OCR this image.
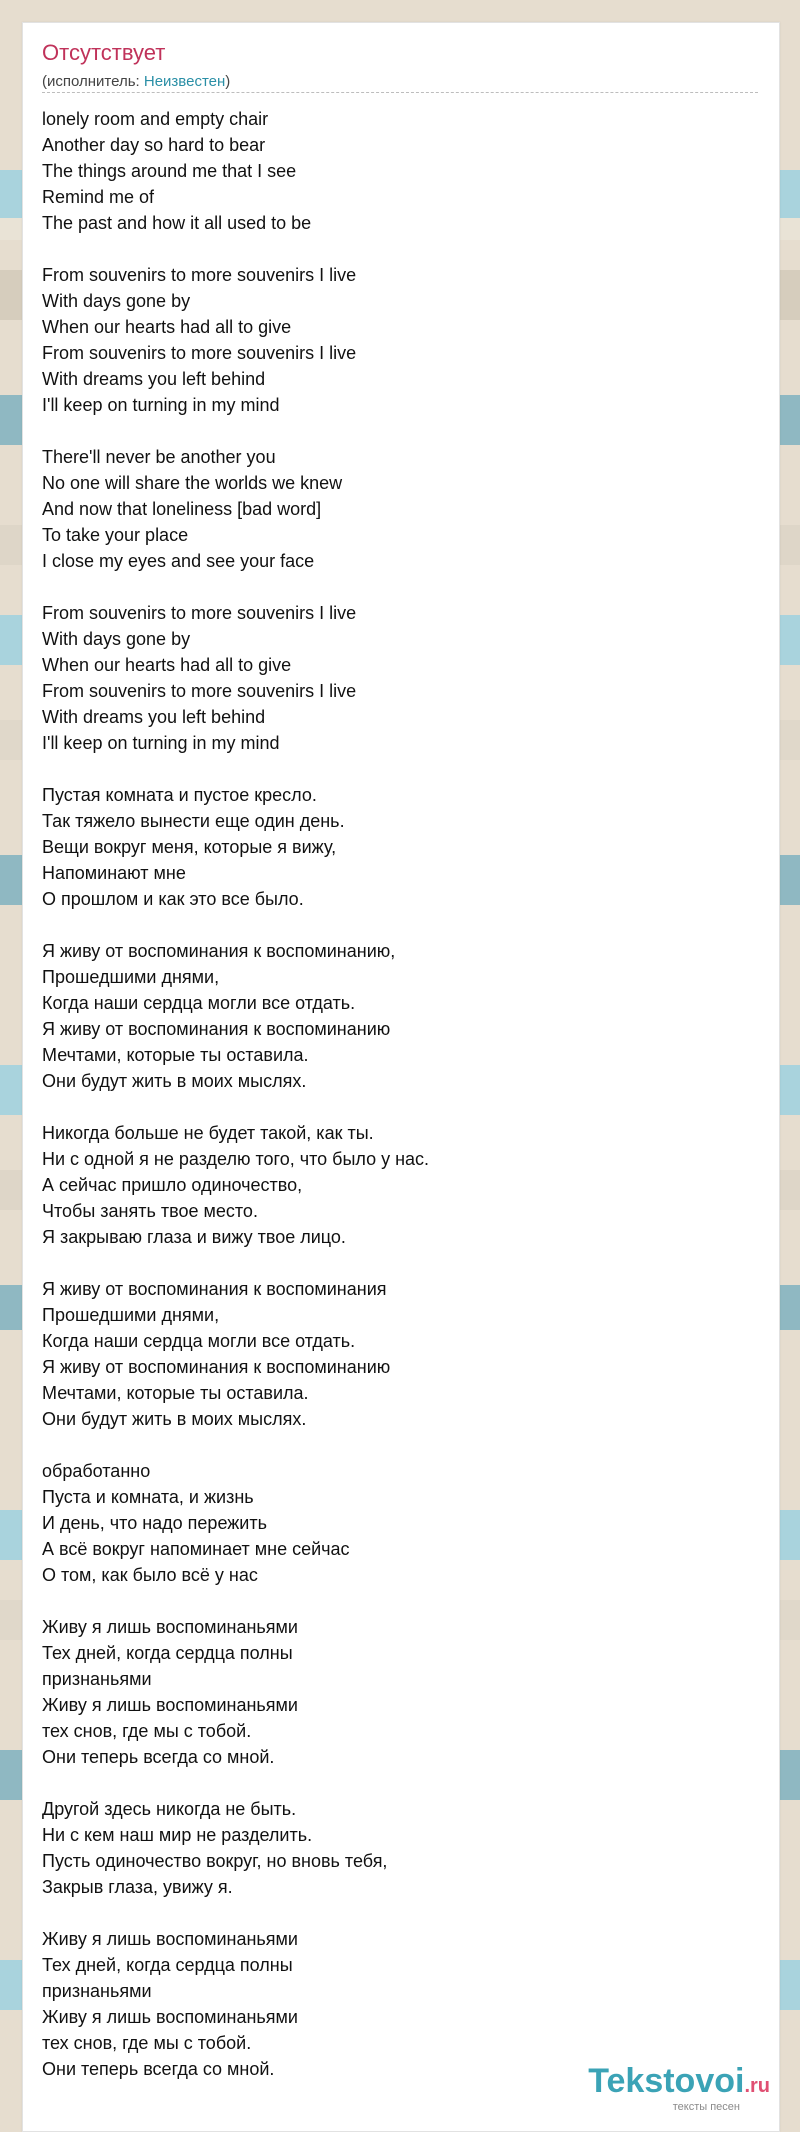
Отсутствует
(исполнитель: Неизвестен)
lonely room and empty chair
Another day so hard to bear
The things around me that I see
Remind me of
The past and how it all used to be
From souvenirs to more souvenirs I live
With days gone by
When our hearts had all to give
From souvenirs to more souvenirs I live
With dreams you left behind
I'll keep on turning in my mind
There'll never be another you
No one will share the worlds we knew
And now that loneliness [bad word]
To take your place
I close my eyes and see your face
From souvenirs to more souvenirs I live
With days gone by
When our hearts had all to give
From souvenirs to more souvenirs I live
With dreams you left behind
I'll keep on turning in my mind
Пустая комната и пустое кресло.
Так тяжело вынести еще один день.
Вещи вокруг меня, которые я вижу,
Напоминают мне
О прошлом и как это все было.
Я живу от воспоминания к воспоминанию,
Прошедшими днями,
Когда наши сердца могли все отдать.
Я живу от воспоминания к воспоминанию
Мечтами, которые ты оставила.
Они будут жить в моих мыслях.
Никогда больше не будет такой, как ты.
Ни с одной я не разделю того, что было у нас.
А сейчас пришло одиночество,
Чтобы занять твое место.
Я закрываю глаза и вижу твое лицо.
Я живу от воспоминания к воспоминания
Прошедшими днями,
Когда наши сердца могли все отдать.
Я живу от воспоминания к воспоминанию
Мечтами, которые ты оставила.
Они будут жить в моих мыслях.
обработанно
Пуста и комната, и жизнь
И день, что надо пережить
А всё вокруг напоминает мне сейчас
О том, как было всё у нас
Живу я лишь воспоминаньями
Тех дней, когда сердца полны
признаньями
Живу я лишь воспоминаньями
тех снов, где мы с тобой.
Они теперь всегда со мной.
Другой здесь никогда не быть.
Ни с кем наш мир не разделить.
Пусть одиночество вокруг, но вновь тебя,
Закрыв глаза, увижу я.
Живу я лишь воспоминаньями
Тех дней, когда сердца полны
признаньями
Живу я лишь воспоминаньями
тех снов, где мы с тобой.
Они теперь всегда со мной.	Tekstovoi.ru
тексты песен
